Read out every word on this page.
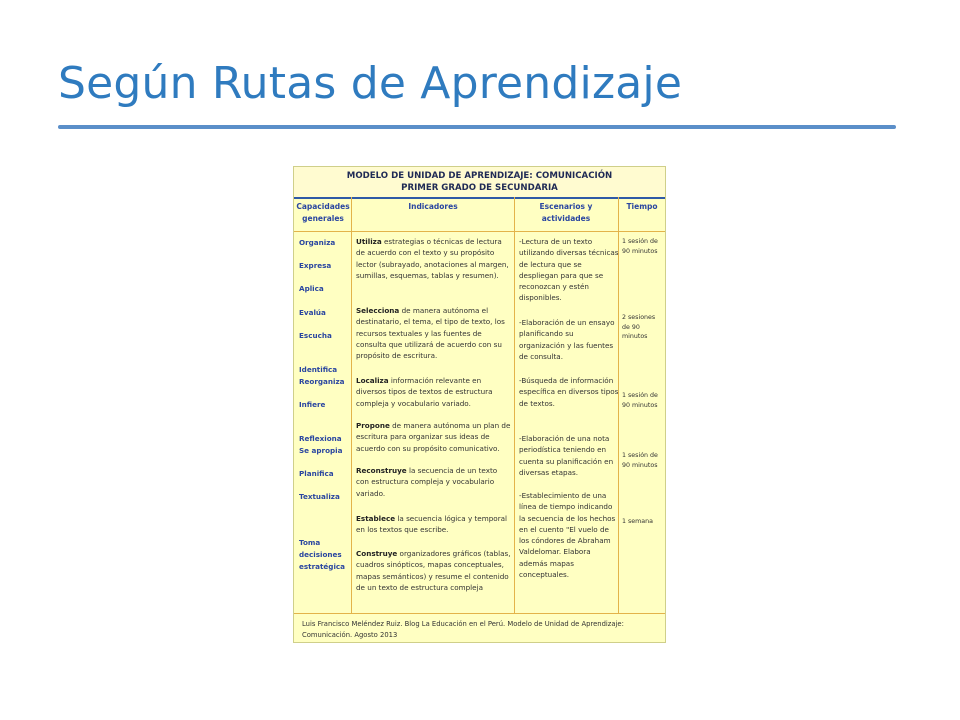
Según Rutas de Aprendizaje
MODELO DE UNIDAD DE APRENDIZAJE: COMUNICACIÓN
PRIMER GRADO DE SECUNDARIA
Capacidades generales
Indicadores	Escenarios y actividades
Tiempo
Organiza
Expresa
Aplica
Evalúa
Escucha
Identifica
Reorganiza
Infiere
Reflexiona
Se apropia
Planifica
Textualiza
Toma
decisiones
estratégica
Utiliza estrategias o técnicas de lectura de acuerdo con el texto y su propósito lector (subrayado, anotaciones al margen, sumillas, esquemas, tablas y resumen).
Selecciona de manera autónoma el destinatario, el tema, el tipo de texto, los recursos textuales y las fuentes de consulta que utilizará de acuerdo con su propósito de escritura.
Localiza información relevante en diversos tipos de textos de estructura compleja y vocabulario variado.
Propone de manera autónoma un plan de escritura para organizar sus ideas de acuerdo con su propósito comunicativo.
Reconstruye la secuencia de un texto con estructura compleja y vocabulario variado.
Establece la secuencia lógica y temporal en los textos que escribe.
Construye organizadores gráficos (tablas, cuadros sinópticos, mapas conceptuales, mapas semánticos) y resume el contenido de un texto de estructura compleja
-Lectura de un texto utilizando diversas técnicas de lectura que se despliegan para que se reconozcan y estén disponibles.
-Elaboración de un ensayo planificando su organización y las fuentes de consulta.
-Búsqueda de información específica en diversos tipos de textos.
-Elaboración de una nota periodística teniendo en cuenta su planificación en diversas etapas.
-Establecimiento de una línea de tiempo indicando la secuencia de los hechos en el cuento "El vuelo de los cóndores de Abraham Valdelomar. Elabora además mapas conceptuales.
1 sesión de 90 minutos
2 sesiones de 90 minutos
1 sesión de 90 minutos
1 sesión de 90 minutos
1 semana
Luis Francisco Meléndez Ruiz. Blog La Educación en el Perú. Modelo de Unidad de Aprendizaje: Comunicación. Agosto 2013
